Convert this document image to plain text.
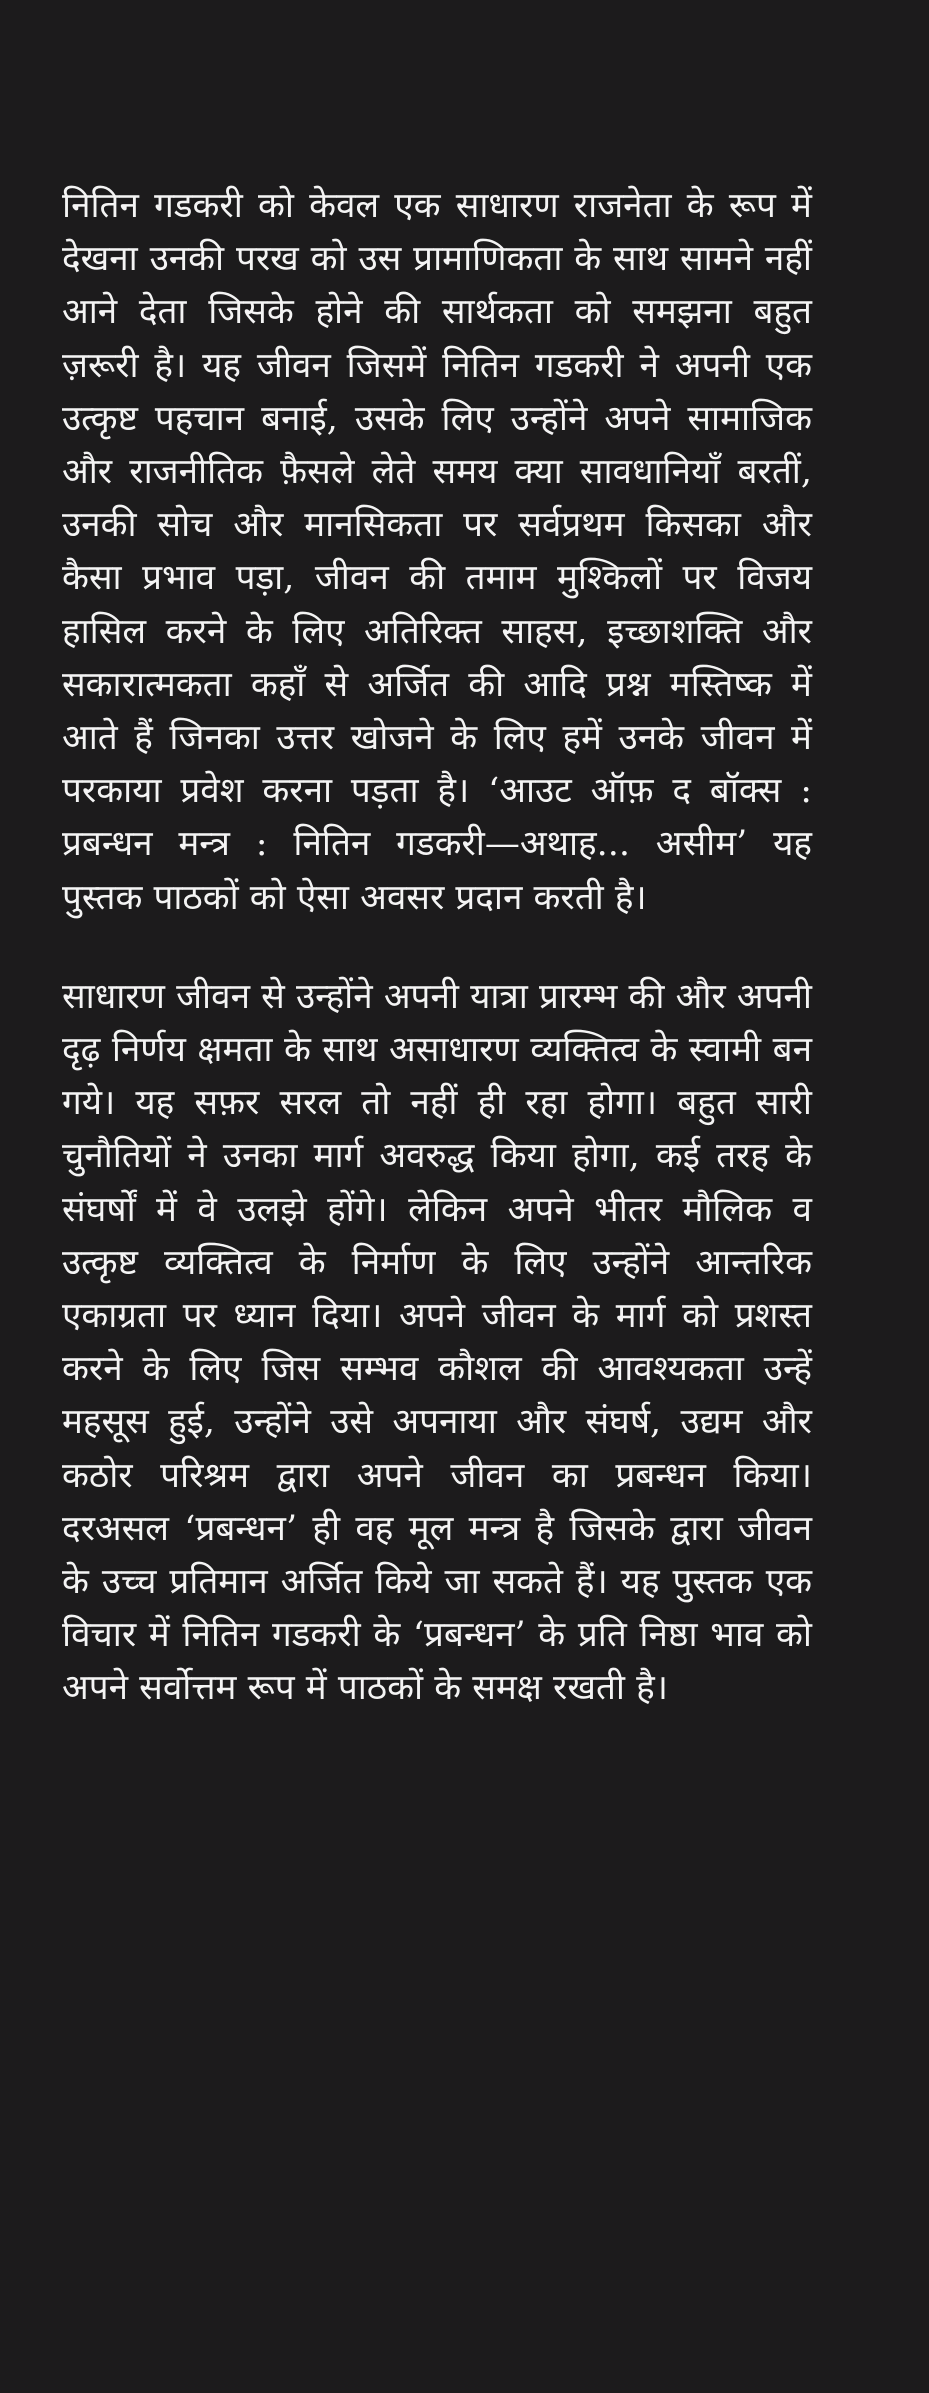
नितिन गडकरी को केवल एक साधारण राजनेता के रूप में देखना उनकी परख को उस प्रामाणिकता के साथ सामने नहीं आने देता जिसके होने की सार्थकता को समझना बहुत ज़रूरी है। यह जीवन जिसमें नितिन गडकरी ने अपनी एक उत्कृष्ट पहचान बनाई, उसके लिए उन्होंने अपने सामाजिक और राजनीतिक फ़ैसले लेते समय क्या सावधानियाँ बरतीं, उनकी सोच और मानसिकता पर सर्वप्रथम किसका और कैसा प्रभाव पड़ा, जीवन की तमाम मुश्किलों पर विजय हासिल करने के लिए अतिरिक्त साहस, इच्छाशक्ति और सकारात्मकता कहाँ से अर्जित की आदि प्रश्न मस्तिष्क में आते हैं जिनका उत्तर खोजने के लिए हमें उनके जीवन में परकाया प्रवेश करना पड़ता है। ‘आउट ऑफ़ द बॉक्स : प्रबन्धन मन्त्र : नितिन गडकरी—अथाह... असीम’ यह पुस्तक पाठकों को ऐसा अवसर प्रदान करती है।

साधारण जीवन से उन्होंने अपनी यात्रा प्रारम्भ की और अपनी दृढ़ निर्णय क्षमता के साथ असाधारण व्यक्तित्व के स्वामी बन गये। यह सफ़र सरल तो नहीं ही रहा होगा। बहुत सारी चुनौतियों ने उनका मार्ग अवरुद्ध किया होगा, कई तरह के संघर्षों में वे उलझे होंगे। लेकिन अपने भीतर मौलिक व उत्कृष्ट व्यक्तित्व के निर्माण के लिए उन्होंने आन्तरिक एकाग्रता पर ध्यान दिया। अपने जीवन के मार्ग को प्रशस्त करने के लिए जिस सम्भव कौशल की आवश्यकता उन्हें महसूस हुई, उन्होंने उसे अपनाया और संघर्ष, उद्यम और कठोर परिश्रम द्वारा अपने जीवन का प्रबन्धन किया। दरअसल ‘प्रबन्धन’ ही वह मूल मन्त्र है जिसके द्वारा जीवन के उच्च प्रतिमान अर्जित किये जा सकते हैं। यह पुस्तक एक विचार में नितिन गडकरी के ‘प्रबन्धन’ के प्रति निष्ठा भाव को अपने सर्वोत्तम रूप में पाठकों के समक्ष रखती है।
